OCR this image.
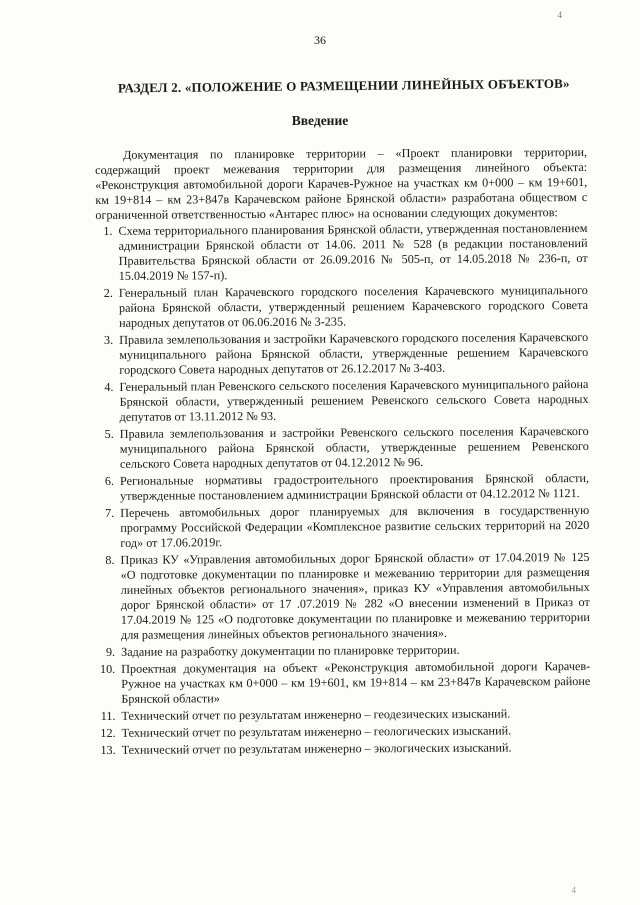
4
36
РАЗДЕЛ 2. «ПОЛОЖЕНИЕ О РАЗМЕЩЕНИИ ЛИНЕЙНЫХ ОБЪЕКТОВ»
Введение

Документация по планировке территории – «Проект планировки территории, содержащий проект межевания территории для размещения линейного объекта: «Реконструкция автомобильной дороги Карачев-Ружное на участках км 0+000 – км 19+601, км 19+814 – км 23+847в Карачевском районе Брянской области» разработана обществом с ограниченной ответственностью «Антарес плюс» на основании следующих документов:

1. Схема территориального планирования Брянской области, утвержденная постановлением администрации Брянской области от 14.06. 2011 № 528 (в редакции постановлений Правительства Брянской области от 26.09.2016 № 505-п, от 14.05.2018 № 236-п, от 15.04.2019 № 157-п).
2. Генеральный план Карачевского городского поселения Карачевского муниципального района Брянской области, утвержденный решением Карачевского городского Совета народных депутатов от 06.06.2016 № 3-235.
3. Правила землепользования и застройки Карачевского городского поселения Карачевского муниципального района Брянской области, утвержденные решением Карачевского городского Совета народных депутатов от 26.12.2017 № 3-403.
4. Генеральный план Ревенского сельского поселения Карачевского муниципального района Брянской области, утвержденный решением Ревенского сельского Совета народных депутатов от 13.11.2012 № 93.
5. Правила землепользования и застройки Ревенского сельского поселения Карачевского муниципального района Брянской области, утвержденные решением Ревенского сельского Совета народных депутатов от 04.12.2012 № 96.
6. Региональные нормативы градостроительного проектирования Брянской области, утвержденные постановлением администрации Брянской области от 04.12.2012 № 1121.
7. Перечень автомобильных дорог планируемых для включения в государственную программу Российской Федерации «Комплексное развитие сельских территорий на 2020 год» от 17.06.2019г.
8. Приказ КУ «Управления автомобильных дорог Брянской области» от 17.04.2019 № 125 «О подготовке документации по планировке и межеванию территории для размещения линейных объектов регионального значения», приказ КУ «Управления автомобильных дорог Брянской области» от 17 .07.2019 № 282 «О внесении изменений в Приказ от 17.04.2019 № 125 «О подготовке документации по планировке и межеванию территории для размещения линейных объектов регионального значения».
9. Задание на разработку документации по планировке территории.
10. Проектная документация на объект «Реконструкция автомобильной дороги Карачев-Ружное на участках км 0+000 – км 19+601, км 19+814 – км 23+847в Карачевском районе Брянской области»
11. Технический отчет по результатам инженерно – геодезических изысканий.
12. Технический отчет по результатам инженерно – геологических изысканий.
13. Технический отчет по результатам инженерно – экологических изысканий.
4
